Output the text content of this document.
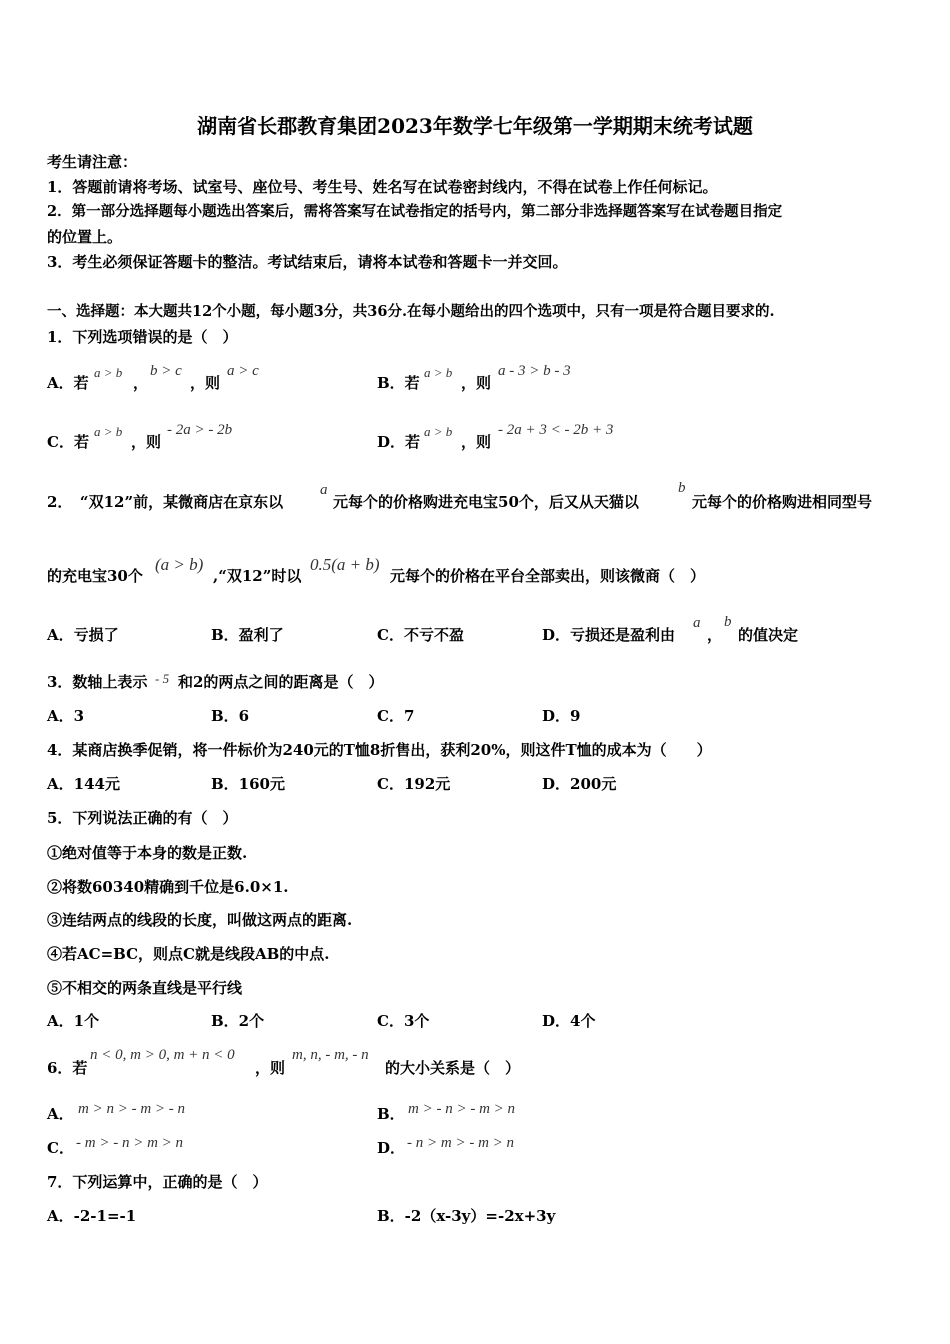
湖南省长郡教育集团2023年数学七年级第一学期期末统考试题
考生请注意：
1．答题前请将考场、试室号、座位号、考生号、姓名写在试卷密封线内，不得在试卷上作任何标记。
2．第一部分选择题每小题选出答案后，需将答案写在试卷指定的括号内，第二部分非选择题答案写在试卷题目指定
的位置上。
3．考生必须保证答题卡的整洁。考试结束后，请将本试卷和答题卡一并交回。
一、选择题：本大题共12个小题，每小题3分，共36分.在每小题给出的四个选项中，只有一项是符合题目要求的.
1．下列选项错误的是（　）
A．若
a > b
，
b > c
，则
a > c
B．若
a > b
，则
a - 3 > b - 3
C．若
a > b
，则
- 2a > - 2b
D．若
a > b
，则
- 2a + 3 < - 2b + 3
2．　“双12”前，某微商店在京东以
a
元每个的价格购进充电宝50个，后又从天猫以
b
元每个的价格购进相同型号
的充电宝30个
(a > b)
,“双12”时以
0.5(a + b)
元每个的价格在平台全部卖出，则该微商（　）
A．亏损了	B．盈利了	C．不亏不盈	D．亏损还是盈利由
a
，
b
的值决定
3．数轴上表示 - 5 和2的两点之间的距离是（　）
A．3	B．6	C．7	D．9
4．某商店换季促销，将一件标价为240元的T恤8折售出，获利20%，则这件T恤的成本为（　　）
A．144元	B．160元	C．192元	D．200元
5．下列说法正确的有（　）
①绝对值等于本身的数是正数.
②将数60340精确到千位是6.0×1.
③连结两点的线段的长度，叫做这两点的距离.
④若AC=BC，则点C就是线段AB的中点.
⑤不相交的两条直线是平行线
A．1个	B．2个	C．3个	D．4个
6．若
n < 0, m > 0, m + n < 0
，则
m, n, - m, - n
的大小关系是（　）
A． m > n > - m > - n	B． m > - n > - m > n
C． - m > - n > m > n	D． - n > m > - m > n
7．下列运算中，正确的是（　）
A．-2-1=-1	B．-2（x-3y）=-2x+3y
